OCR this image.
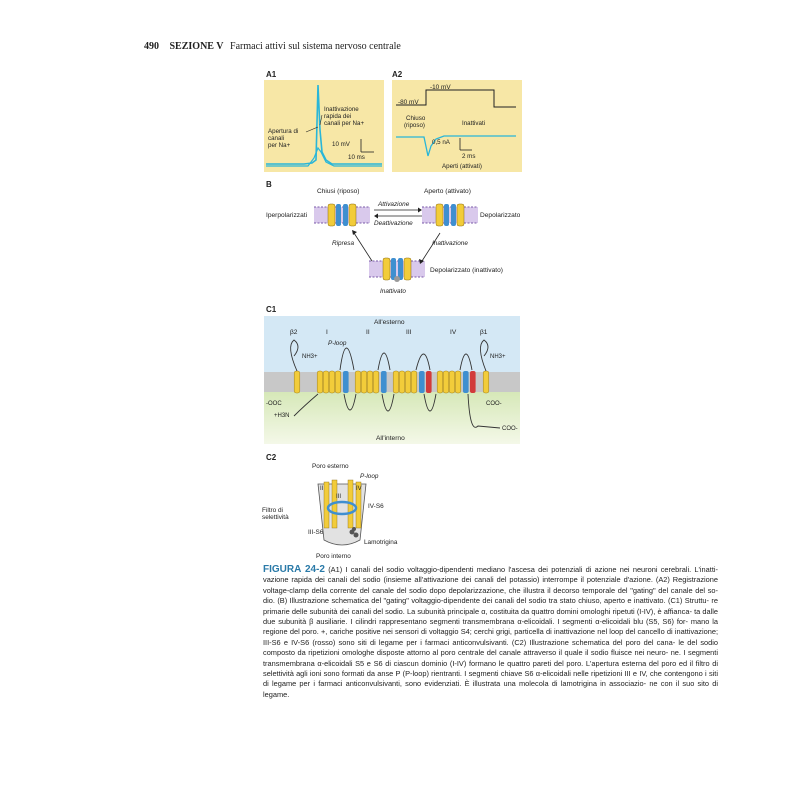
490 SEZIONE V Farmaci attivi sul sistema nervoso centrale
A1
Apertura di
canali
per Na+
Inattivazione
rapida dei
canali per Na+
10 mV
10 ms
A2
-10 mV
-80 mV
Chiuso
(riposo)	Inattivati
0,5 nA
2 ms
Aperti (attivati)
B
Chiusi (riposo)	Aperto (attivato)
Iperpolarizzati	Depolarizzato
Attivazione
Deattivazione
Ripresa	Inattivazione
Depolarizzato (inattivato)
Inattivato
C1
All'esterno
All'interno
β2	β1
I	II	III	IV
P-loop
NH3+	NH3+
-OOC
+H3N
COO-
COO-
C2
Poro esterno
P-loop
Filtro di
selettività
IV-S6
III-S6
Lamotrigina
Poro interno
II
III
IV
FIGURA 24-2 (A1) I canali del sodio voltaggio-dipendenti mediano l'ascesa dei potenziali di azione nei neuroni cerebrali. L'inatti- vazione rapida dei canali del sodio (insieme all'attivazione dei canali del potassio) interrompe il potenziale d'azione. (A2) Registrazione voltage-clamp della corrente del canale del sodio dopo depolarizzazione, che illustra il decorso temporale del "gating" del canale del so- dio. (B) Illustrazione schematica del "gating" voltaggio-dipendente dei canali del sodio tra stato chiuso, aperto e inattivato. (C1) Struttu- re primarie delle subunità dei canali del sodio. La subunità principale α, costituita da quattro domini omologhi ripetuti (I-IV), è affianca- ta dalle due subunità β ausiliarie. I cilindri rappresentano segmenti transmembrana α-elicoidali. I segmenti α-elicoidali blu (S5, S6) for- mano la regione del poro. +, cariche positive nei sensori di voltaggio S4; cerchi grigi, particella di inattivazione nel loop del cancello di inattivazione; III-S6 e IV-S6 (rosso) sono siti di legame per i farmaci anticonvulsivanti. (C2) Illustrazione schematica del poro del cana- le del sodio composto da ripetizioni omologhe disposte attorno al poro centrale del canale attraverso il quale il sodio fluisce nei neuro- ne. I segmenti transmembrana α-elicoidali S5 e S6 di ciascun dominio (I-IV) formano le quattro pareti del poro. L'apertura esterna del poro ed il filtro di selettività agli ioni sono formati da anse P (P-loop) rientranti. I segmenti chiave S6 α-elicoidali nelle ripetizioni III e IV, che contengono i siti di legame per i farmaci anticonvulsivanti, sono evidenziati. È illustrata una molecola di lamotrigina in associazio- ne con il suo sito di legame.
